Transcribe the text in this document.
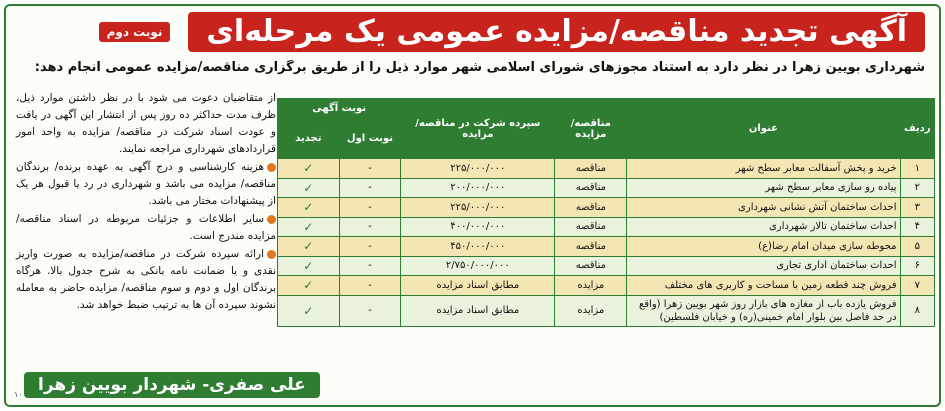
آگهی تجدید مناقصه/مزایده عمومی یک مرحله‌ای
نوبت دوم
شهرداری بویین زهرا در نظر دارد به استناد مجوزهای شورای اسلامی شهر موارد ذیل را از طریق برگزاری مناقصه/مزایده عمومی انجام دهد:
ردیف	عنوان	مناقصه/ مزایده	سپرده شرکت در مناقصه/مزایده	نوبت آگهی	
				نوبت اول	تجدید
۱	خرید و پخش آسفالت معابر سطح شهر	مناقصه	۲۲۵/۰۰۰/۰۰۰	-	✓
۲	پیاده رو سازی معابر سطح شهر	مناقصه	۲۰۰/۰۰۰/۰۰۰	-	✓
۳	احداث ساختمان آتش نشانی شهرداری	مناقصه	۲۲۵/۰۰۰/۰۰۰	-	✓
۴	احداث ساختمان تالار شهرداری	مناقصه	۴۰۰/۰۰۰/۰۰۰	-	✓
۵	محوطه سازی میدان امام رضا(ع)	مناقصه	۴۵۰/۰۰۰/۰۰۰	-	✓
۶	احداث ساختمان اداری تجاری	مناقصه	۲/۷۵۰/۰۰۰/۰۰۰	-	✓
۷	فروش چند قطعه زمین با مساحت و کاربری های مختلف	مزایده	مطابق اسناد مزایده	-	✓
۸	فروش یازده باب از مغازه های بازار روز شهر بویین زهرا (واقع در حد فاصل بین بلوار امام خمینی(ره) و خیابان فلسطین)	مزایده	مطابق اسناد مزایده	-	✓

از متقاضیان دعوت می شود با در نظر داشتن موارد ذیل، ظرف مدت حداکثر ده روز پس از انتشار این آگهی در یافت و عودت اسناد شرکت در مناقصه/ مزایده به واحد امور قراردادهای شهرداری مراجعه نمایند.

هزینه کارشناسی و درج آگهی به عهده برنده/ برندگان مناقصه/ مزایده می باشد و شهرداری در رد یا قبول هر یک از پیشنهادات مختار می باشد.

سایر اطلاعات و جزئیات مربوطه در اسناد مناقصه/ مزایده مندرج است.

ارائه سپرده شرکت در مناقصه/مزایده به صورت واریز نقدی و یا ضمانت نامه بانکی به شرح جدول بالا. هرگاه برندگان اول و دوم و سوم مناقصه/ مزایده حاضر به معامله نشوند سپرده آن ها به ترتیب ضبط خواهد شد.

علی صفری- شهردار بویین زهرا
۱۰
